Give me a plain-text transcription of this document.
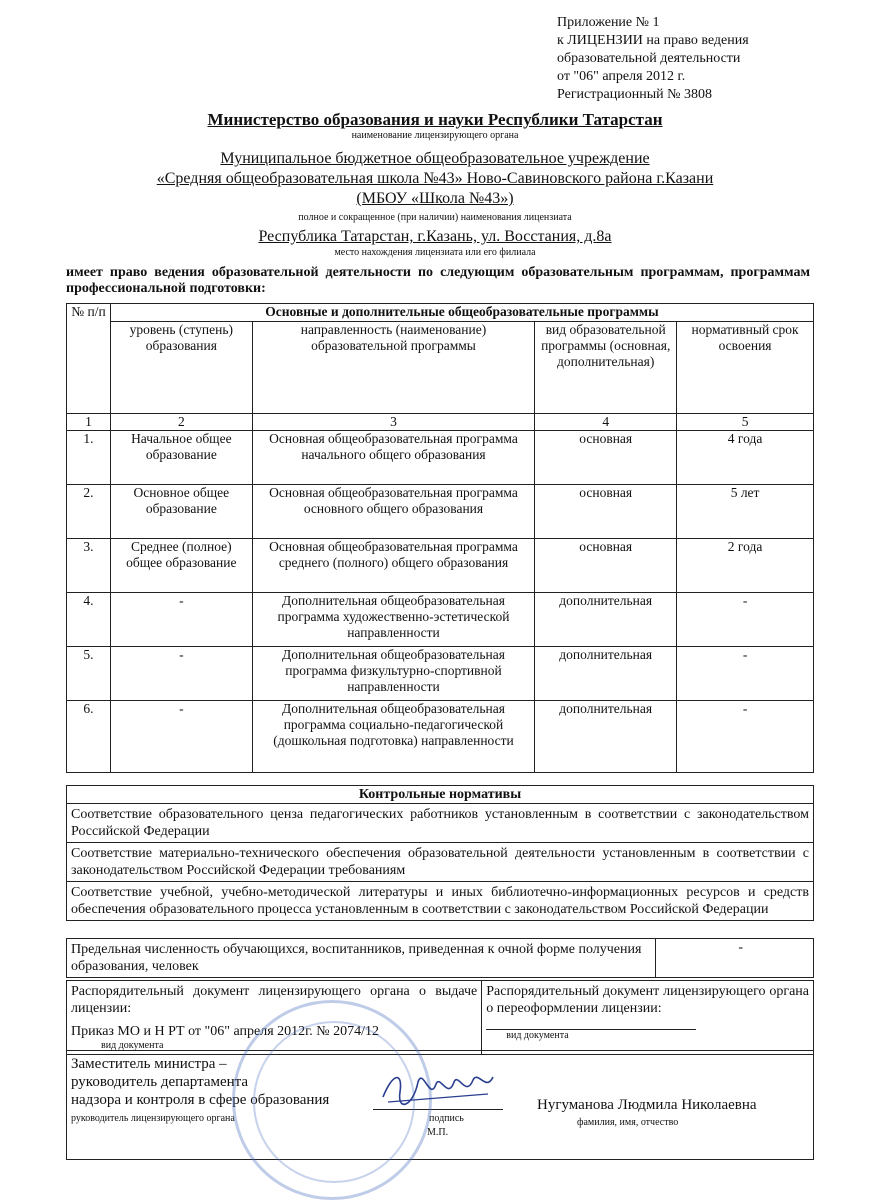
Приложение № 1
к ЛИЦЕНЗИИ на право ведения
образовательной деятельности
от "06" апреля 2012 г.
Регистрационный № 3808
Министерство образования и науки Республики Татарстан
наименование лицензирующего органа
Муниципальное бюджетное общеобразовательное учреждение
«Средняя общеобразовательная школа №43» Ново-Савиновского района г.Казани
(МБОУ «Школа №43»)
полное и сокращенное (при наличии) наименования лицензиата
Республика Татарстан, г.Казань, ул. Восстания, д.8а
место нахождения лицензиата или его филиала
имеет право ведения образовательной деятельности по следующим образовательным программам, программам профессиональной подготовки:
№ п/п	Основные и дополнительные общеобразовательные программы			
	уровень (ступень) образования	направленность (наименование) образовательной программы	вид образовательной программы (основная, дополнительная)	нормативный срок освоения
1	2	3	4	5
1.	Начальное общее образование	Основная общеобразовательная программа начального общего образования	основная	4 года
2.	Основное общее образование	Основная общеобразовательная программа основного общего образования	основная	5 лет
3.	Среднее (полное) общее образование	Основная общеобразовательная программа среднего (полного) общего образования	основная	2 года
4.	-	Дополнительная общеобразовательная программа художественно-эстетической направленности	дополнительная	-
5.	-	Дополнительная общеобразовательная программа физкультурно-спортивной направленности	дополнительная	-
6.	-	Дополнительная общеобразовательная программа социально-педагогической (дошкольная подготовка) направленности	дополнительная	-
Контрольные нормативы
Соответствие образовательного ценза педагогических работников установленным в соответствии с законодательством Российской Федерации
Соответствие материально-технического обеспечения образовательной деятельности установленным в соответствии с законодательством Российской Федерации требованиям
Соответствие учебной, учебно-методической литературы и иных библиотечно-информационных ресурсов и средств обеспечения образовательного процесса установленным в соответствии с законодательством Российской Федерации
Предельная численность обучающихся, воспитанников, приведенная к очной форме получения образования, человек	-
Распорядительный документ лицензирующего органа о выдаче лицензии:
Приказ МО и Н РТ от "06" апреля 2012г. № 2074/12
вид документа

Распорядительный документ лицензирующего органа о переоформлении лицензии:
вид документа
Заместитель министра –
руководитель департамента
надзора и контроля в сфере образования
руководитель лицензирующего органа	подпись
М.П.
Нугуманова Людмила Николаевна
фамилия, имя, отчество
